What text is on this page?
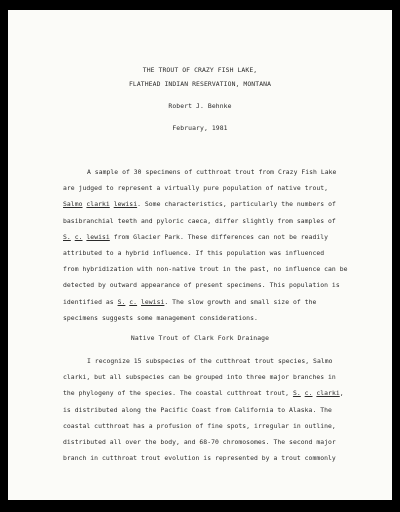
THE TROUT OF CRAZY FISH LAKE,
FLATHEAD INDIAN RESERVATION, MONTANA
Robert J. Behnke
February, 1981
A sample of 30 specimens of cutthroat trout from Crazy Fish Lake
are judged to represent a virtually pure population of native trout,
Salmo clarki lewisi. Some characteristics, particularly the numbers of
basibranchial teeth and pyloric caeca, differ slightly from samples of
S. c. lewisi from Glacier Park. These differences can not be readily
attributed to a hybrid influence. If this population was influenced
from hybridization with non-native trout in the past, no influence can be
detected by outward appearance of present specimens. This population is
identified as S. c. lewisi. The slow growth and small size of the
specimens suggests some management considerations.
Native Trout of Clark Fork Drainage
I recognize 15 subspecies of the cutthroat trout species, Salmo
clarki, but all subspecies can be grouped into three major branches in
the phylogeny of the species. The coastal cutthroat trout, S. c. clarki,
is distributed along the Pacific Coast from California to Alaska. The
coastal cutthroat has a profusion of fine spots, irregular in outline,
distributed all over the body, and 68-70 chromosomes. The second major
branch in cutthroat trout evolution is represented by a trout commonly
